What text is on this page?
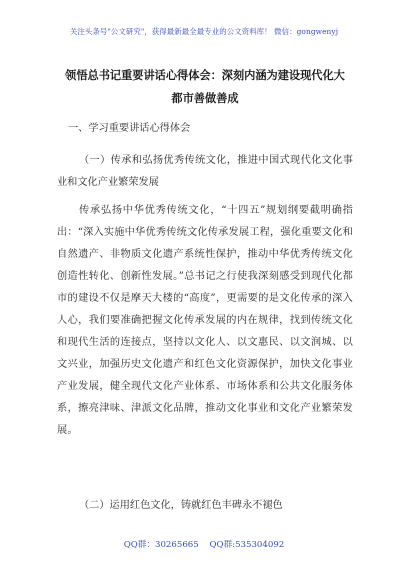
关注头条号"公文研究"，获得最新最全最专业的公文资料库！ 微信：gongwenyj
领悟总书记重要讲话心得体会：深刻内涵为建设现代化大都市善做善成
一、学习重要讲话心得体会
（一）传承和弘扬优秀传统文化，推进中国式现代化文化事业和文化产业繁荣发展
传承弘扬中华优秀传统文化，“十四五”规划纲要截明确指出：“深入实施中华优秀传统文化传承发展工程，强化重要文化和自然遗产、非物质文化遗产系统性保护，推动中华优秀传统文化创造性转化、创新性发展。”总书记之行使我深刻感受到现代化都市的建设不仅是摩天大楼的“高度”，更需要的是文化传承的深入人心，我们要准确把握文化传承发展的内在规律，找到传统文化和现代生活的连接点，坚持以文化人、以文惠民、以文润城、以文兴业，加强历史文化遗产和红色文化资源保护，加快文化事业产业发展，健全现代文化产业体系、市场体系和公共文化服务体系，擦亮津味、津派文化品牌，推动文化事业和文化产业繁荣发展。
（二）运用红色文化，铸就红色丰碑永不褪色
QQ群：30265665 QQ群:535304092
